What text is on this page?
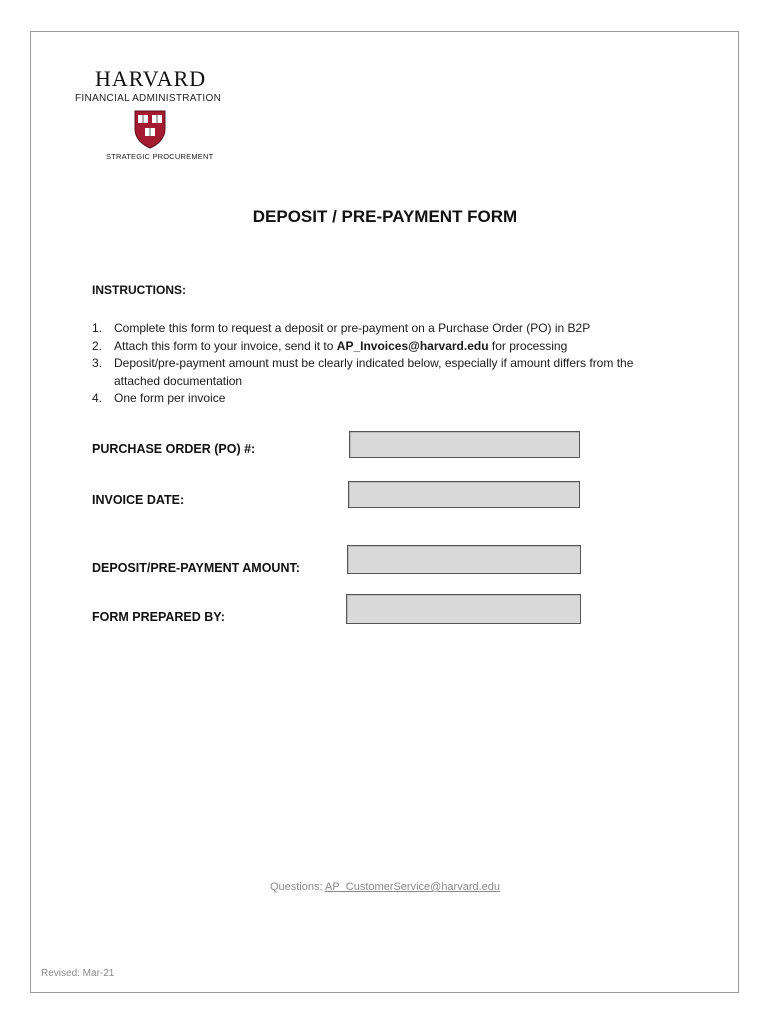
HARVARD
FINANCIAL ADMINISTRATION
STRATEGIC PROCUREMENT
DEPOSIT / PRE-PAYMENT FORM
INSTRUCTIONS:
1. Complete this form to request a deposit or pre-payment on a Purchase Order (PO) in B2P
2. Attach this form to your invoice, send it to AP_Invoices@harvard.edu for processing
3. Deposit/pre-payment amount must be clearly indicated below, especially if amount differs from the attached documentation
4. One form per invoice
PURCHASE ORDER (PO) #:
INVOICE DATE:
DEPOSIT/PRE-PAYMENT AMOUNT:
FORM PREPARED BY:
Questions: AP_CustomerService@harvard.edu
Revised: Mar-21
